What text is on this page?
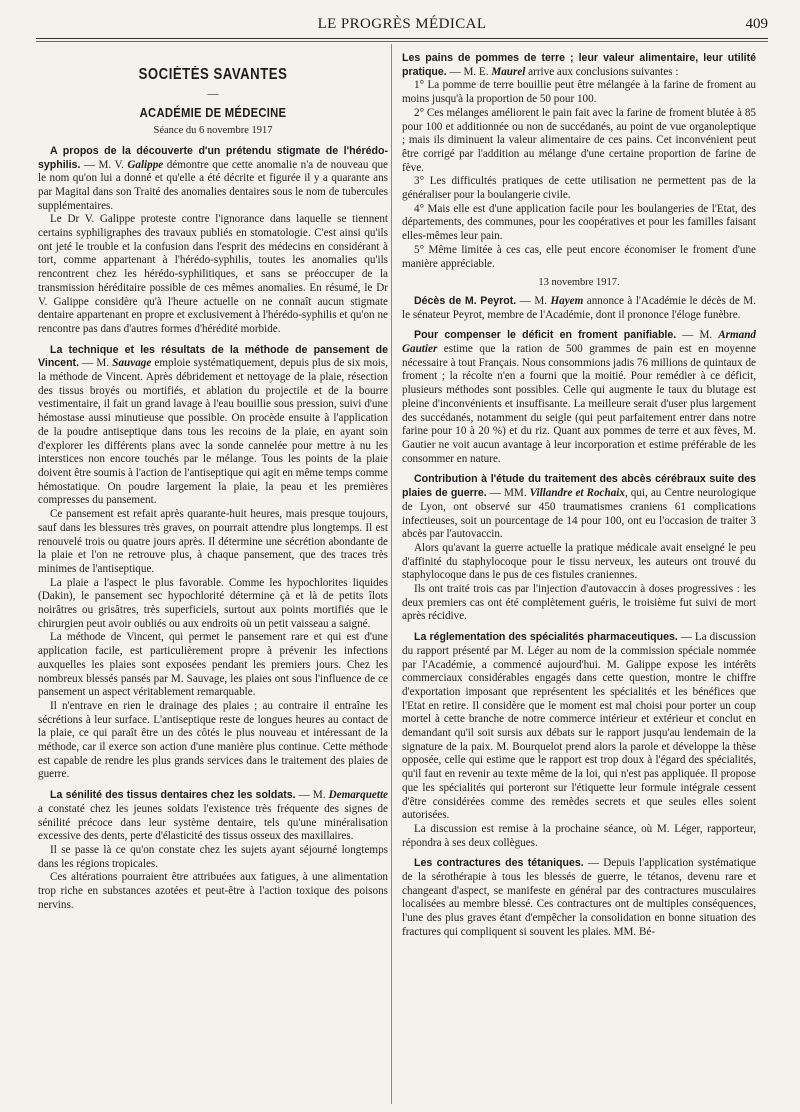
LE PROGRÈS MÉDICAL	409
SOCIÉTÉS SAVANTES
—
ACADÉMIE DE MÉDECINE
Séance du 6 novembre 1917

A propos de la découverte d'un prétendu stigmate de l'hérédo-syphilis. — M. V. Galippe démontre que cette anomalie n'a de nouveau que le nom qu'on lui a donné et qu'elle a été décrite et figurée il y a quarante ans par Magital dans son Traité des anomalies dentaires sous le nom de tubercules supplémentaires.

Le Dr V. Galippe proteste contre l'ignorance dans laquelle se tiennent certains syphiligraphes des travaux publiés en stomatologie. C'est ainsi qu'ils ont jeté le trouble et la confusion dans l'esprit des médecins en considérant à tort, comme appartenant à l'hérédo-syphilis, toutes les anomalies qu'ils rencontrent chez les hérédo-syphilitiques, et sans se préoccuper de la transmission héréditaire possible de ces mêmes anomalies. En résumé, le Dr V. Galippe considère qu'à l'heure actuelle on ne connaît aucun stigmate dentaire appartenant en propre et exclusivement à l'hérédo-syphilis et qu'on ne rencontre pas dans d'autres formes d'hérédité morbide.

La technique et les résultats de la méthode de pansement de Vincent. — M. Sauvage emploie systématiquement, depuis plus de six mois, la méthode de Vincent. Après débridement et nettoyage de la plaie, résection des tissus broyés ou mortifiés, et ablation du projectile et de la bourre vestimentaire, il fait un grand lavage à l'eau bouillie sous pression, suivi d'une hémostase aussi minutieuse que possible. On procède ensuite à l'application de la poudre antiseptique dans tous les recoins de la plaie, en ayant soin d'explorer les différents plans avec la sonde cannelée pour mettre à nu les interstices non encore touchés par le mélange. Tous les points de la plaie doivent être soumis à l'action de l'antiseptique qui agit en même temps comme hémostatique. On poudre largement la plaie, la peau et les premières compresses du pansement.

Ce pansement est refait après quarante-huit heures, mais presque toujours, sauf dans les blessures très graves, on pourrait attendre plus longtemps. Il est renouvelé trois ou quatre jours après. Il détermine une sécrétion abondante de la plaie et l'on ne retrouve plus, à chaque pansement, que des traces très minimes de l'antiseptique.

La plaie a l'aspect le plus favorable. Comme les hypochlorites liquides (Dakin), le pansement sec hypochlorité détermine çà et là de petits îlots noirâtres ou grisâtres, très superficiels, surtout aux points mortifiés que le chirurgien peut avoir oubliés ou aux endroits où un petit vaisseau a saigné.

La méthode de Vincent, qui permet le pansement rare et qui est d'une application facile, est particulièrement propre à prévenir les infections auxquelles les plaies sont exposées pendant les premiers jours. Chez les nombreux blessés pansés par M. Sauvage, les plaies ont sous l'influence de ce pansement un aspect véritablement remarquable.

Il n'entrave en rien le drainage des plaies ; au contraire il entraîne les sécrétions à leur surface. L'antiseptique reste de longues heures au contact de la plaie, ce qui paraît être un des côtés le plus nouveau et intéressant de la méthode, car il exerce son action d'une manière plus continue. Cette méthode est capable de rendre les plus grands services dans le traitement des plaies de guerre.

La sénilité des tissus dentaires chez les soldats. — M. Demarquette a constaté chez les jeunes soldats l'existence très fréquente des signes de sénilité précoce dans leur système dentaire, tels qu'une minéralisation excessive des dents, perte d'élasticité des tissus osseux des maxillaires.

Il se passe là ce qu'on constate chez les sujets ayant séjourné longtemps dans les régions tropicales.

Ces altérations pourraient être attribuées aux fatigues, à une alimentation trop riche en substances azotées et peut-être à l'action toxique des poisons nervins.

Les pains de pommes de terre ; leur valeur alimentaire, leur utilité pratique. — M. E. Maurel arrive aux conclusions suivantes :

1° La pomme de terre bouillie peut être mélangée à la farine de froment au moins jusqu'à la proportion de 50 pour 100.

2° Ces mélanges améliorent le pain fait avec la farine de froment blutée à 85 pour 100 et additionnée ou non de succédanés, au point de vue organoleptique ; mais ils diminuent la valeur alimentaire de ces pains. Cet inconvénient peut être corrigé par l'addition au mélange d'une certaine proportion de farine de fève.

3° Les difficultés pratiques de cette utilisation ne permettent pas de la généraliser pour la boulangerie civile.

4° Mais elle est d'une application facile pour les boulangeries de l'Etat, des départements, des communes, pour les coopératives et pour les familles faisant elles-mêmes leur pain.

5° Même limitée à ces cas, elle peut encore économiser le froment d'une manière appréciable.

13 novembre 1917.

Décès de M. Peyrot. — M. Hayem annonce à l'Académie le décès de M. le sénateur Peyrot, membre de l'Académie, dont il prononce l'éloge funèbre.

Pour compenser le déficit en froment panifiable. — M. Armand Gautier estime que la ration de 500 grammes de pain est en moyenne nécessaire à tout Français. Nous consommions jadis 76 millions de quintaux de froment ; la récolte n'en a fourni que la moitié. Pour remédier à ce déficit, plusieurs méthodes sont possibles. Celle qui augmente le taux du blutage est pleine d'inconvénients et insuffisante. La meilleure serait d'user plus largement des succédanés, notamment du seigle (qui peut parfaitement entrer dans notre farine pour 10 à 20 %) et du riz. Quant aux pommes de terre et aux fèves, M. Gautier ne voit aucun avantage à leur incorporation et estime préférable de les consommer en nature.

Contribution à l'étude du traitement des abcès cérébraux suite des plaies de guerre. — MM. Villandre et Rochaix, qui, au Centre neurologique de Lyon, ont observé sur 450 traumatismes craniens 61 complications infectieuses, soit un pourcentage de 14 pour 100, ont eu l'occasion de traiter 3 abcès par l'autovaccin.

Alors qu'avant la guerre actuelle la pratique médicale avait enseigné le peu d'affinité du staphylocoque pour le tissu nerveux, les auteurs ont trouvé du staphylocoque dans le pus de ces fistules craniennes.

Ils ont traité trois cas par l'injection d'autovaccin à doses progressives : les deux premiers cas ont été complètement guéris, le troisième fut suivi de mort après récidive.

La réglementation des spécialités pharmaceutiques. — La discussion du rapport présenté par M. Léger au nom de la commission spéciale nommée par l'Académie, a commencé aujourd'hui. M. Galippe expose les intérêts commerciaux considérables engagés dans cette question, montre le chiffre d'exportation imposant que représentent les spécialités et les bénéfices que l'Etat en retire. Il considère que le moment est mal choisi pour porter un coup mortel à cette branche de notre commerce intérieur et extérieur et conclut en demandant qu'il soit sursis aux débats sur le rapport jusqu'au lendemain de la signature de la paix. M. Bourquelot prend alors la parole et développe la thèse opposée, celle qui estime que le rapport est trop doux à l'égard des spécialités, qu'il faut en revenir au texte même de la loi, qui n'est pas appliquée. Il propose que les spécialités qui porteront sur l'étiquette leur formule intégrale cessent d'être considérées comme des remèdes secrets et que seules elles soient autorisées.

La discussion est remise à la prochaine séance, où M. Léger, rapporteur, répondra à ses deux collègues.

Les contractures des tétaniques. — Depuis l'application systématique de la sérothérapie à tous les blessés de guerre, le tétanos, devenu rare et changeant d'aspect, se manifeste en général par des contractures musculaires localisées au membre blessé. Ces contractures ont de multiples conséquences, l'une des plus graves étant d'empêcher la consolidation en bonne situation des fractures qui compliquent si souvent les plaies. MM. Bé-
